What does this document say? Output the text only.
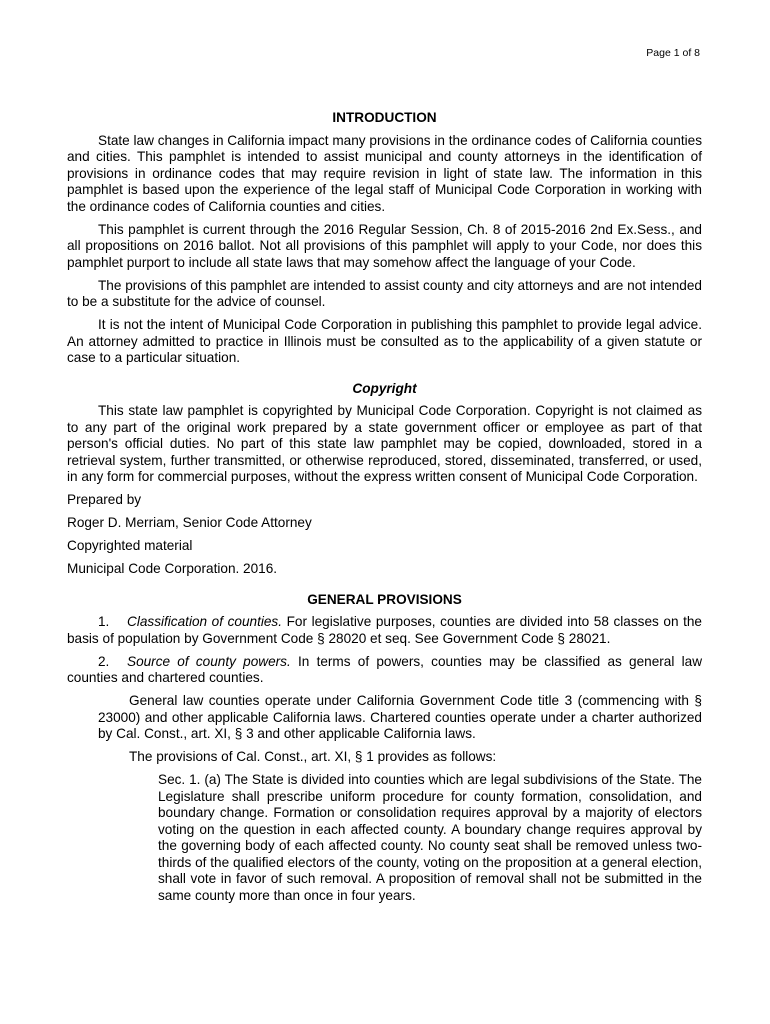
Page 1 of 8
INTRODUCTION

State law changes in California impact many provisions in the ordinance codes of California counties and cities. This pamphlet is intended to assist municipal and county attorneys in the identification of provisions in ordinance codes that may require revision in light of state law. The information in this pamphlet is based upon the experience of the legal staff of Municipal Code Corporation in working with the ordinance codes of California counties and cities.

This pamphlet is current through the 2016 Regular Session, Ch. 8 of 2015-2016 2nd Ex.Sess., and all propositions on 2016 ballot. Not all provisions of this pamphlet will apply to your Code, nor does this pamphlet purport to include all state laws that may somehow affect the language of your Code.

The provisions of this pamphlet are intended to assist county and city attorneys and are not intended to be a substitute for the advice of counsel.

It is not the intent of Municipal Code Corporation in publishing this pamphlet to provide legal advice. An attorney admitted to practice in Illinois must be consulted as to the applicability of a given statute or case to a particular situation.

Copyright

This state law pamphlet is copyrighted by Municipal Code Corporation. Copyright is not claimed as to any part of the original work prepared by a state government officer or employee as part of that person's official duties. No part of this state law pamphlet may be copied, downloaded, stored in a retrieval system, further transmitted, or otherwise reproduced, stored, disseminated, transferred, or used, in any form for commercial purposes, without the express written consent of Municipal Code Corporation.

Prepared by

Roger D. Merriam, Senior Code Attorney

Copyrighted material

Municipal Code Corporation. 2016.

GENERAL PROVISIONS

1. Classification of counties. For legislative purposes, counties are divided into 58 classes on the basis of population by Government Code § 28020 et seq. See Government Code § 28021.

2. Source of county powers. In terms of powers, counties may be classified as general law counties and chartered counties.

General law counties operate under California Government Code title 3 (commencing with § 23000) and other applicable California laws. Chartered counties operate under a charter authorized by Cal. Const., art. XI, § 3 and other applicable California laws.

The provisions of Cal. Const., art. XI, § 1 provides as follows:

Sec. 1. (a) The State is divided into counties which are legal subdivisions of the State. The Legislature shall prescribe uniform procedure for county formation, consolidation, and boundary change. Formation or consolidation requires approval by a majority of electors voting on the question in each affected county. A boundary change requires approval by the governing body of each affected county. No county seat shall be removed unless two-thirds of the qualified electors of the county, voting on the proposition at a general election, shall vote in favor of such removal. A proposition of removal shall not be submitted in the same county more than once in four years.
